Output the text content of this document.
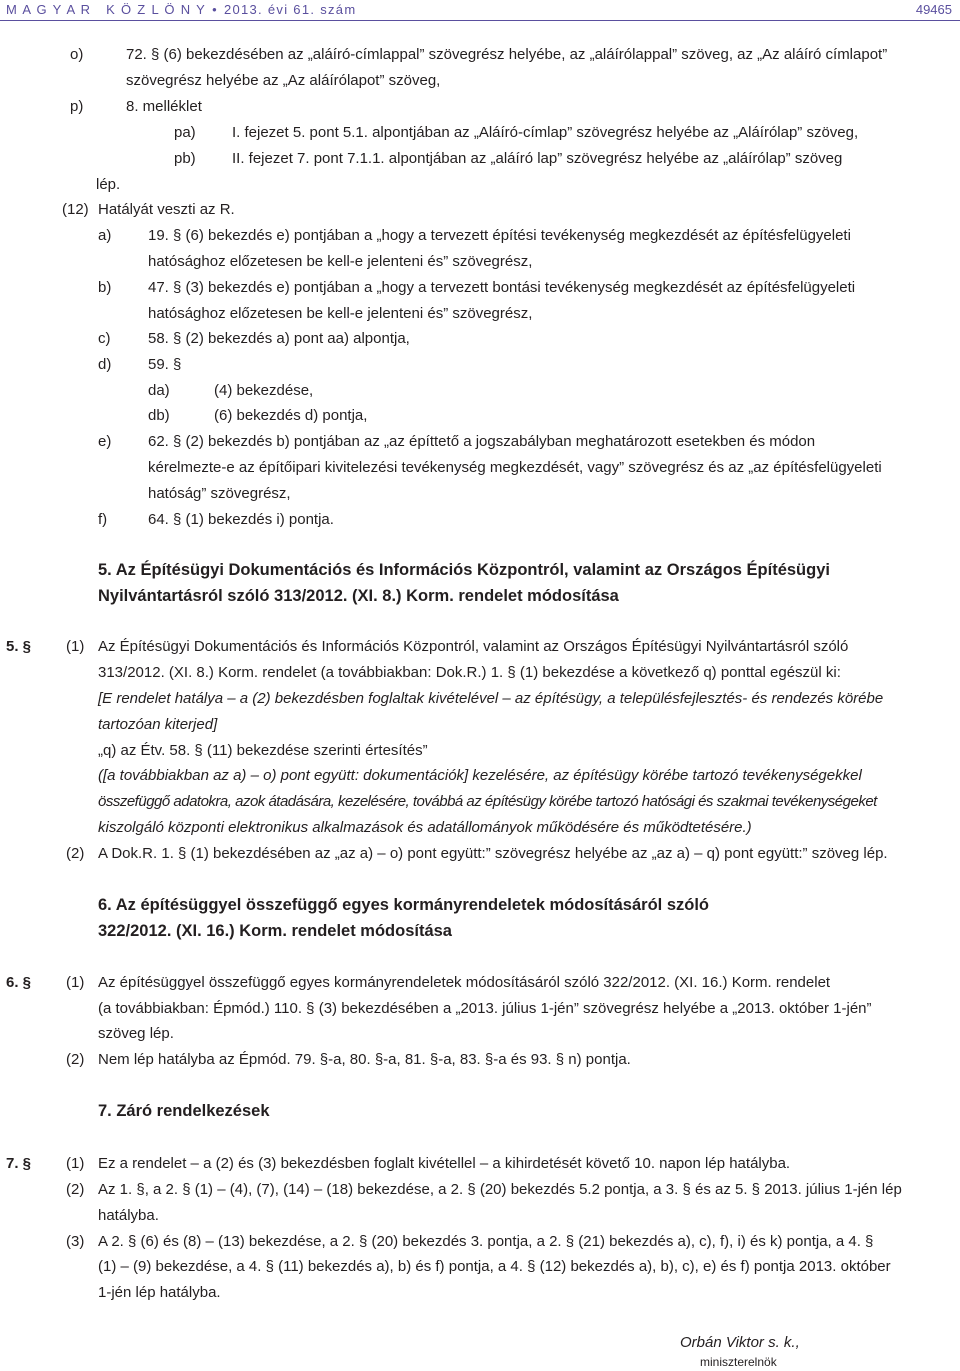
M A G Y A R   K Ö Z L Ö N Y • 2013. évi 61. szám	49465
o)	72. § (6) bekezdésében az „aláíró-címlappal” szövegrész helyébe, az „aláírólappal” szöveg, az „Az aláíró címlapot”
szövegrész helyébe az „Az aláírólapot” szöveg,
p)	8. melléklet
pa) I. fejezet 5. pont 5.1. alpontjában az „Aláíró-címlap” szövegrész helyébe az „Aláírólap” szöveg,
pb) II. fejezet 7. pont 7.1.1. alpontjában az „aláíró lap” szövegrész helyébe az „aláírólap” szöveg
lép.
(12) Hatályát veszti az R.
a) 19. § (6) bekezdés e) pontjában a „hogy a tervezett építési tevékenység megkezdését az építésfelügyeleti
hatósághoz előzetesen be kell-e jelenteni és” szövegrész,
b) 47. § (3) bekezdés e) pontjában a „hogy a tervezett bontási tevékenység megkezdését az építésfelügyeleti
hatósághoz előzetesen be kell-e jelenteni és” szövegrész,
c)	58. § (2) bekezdés a) pont aa) alpontja,
d) 59. §
da)	(4) bekezdése,
db)	(6) bekezdés d) pontja,
e) 62. § (2) bekezdés b) pontjában az „az építtető a jogszabályban meghatározott esetekben és módon
kérelmezte-e az építőipari kivitelezési tevékenység megkezdését, vagy” szövegrész és az „az építésfelügyeleti
hatóság” szövegrész,
f)	64. § (1) bekezdés i) pontja.
5. Az Építésügyi Dokumentációs és Információs Központról, valamint az Országos Építésügyi
Nyilvántartásról szóló 313/2012. (XI. 8.) Korm. rendelet módosítása
5. § (1) Az Építésügyi Dokumentációs és Információs Központról, valamint az Országos Építésügyi Nyilvántartásról szóló
313/2012. (XI. 8.) Korm. rendelet (a továbbiakban: Dok.R.) 1. § (1) bekezdése a következő q) ponttal egészül ki:
[E rendelet hatálya – a (2) bekezdésben foglaltak kivételével – az építésügy, a településfejlesztés- és rendezés körébe
tartozóan kiterjed]
„q) az Étv. 58. § (11) bekezdése szerinti értesítés”
([a továbbiakban az a) – o) pont együtt: dokumentációk] kezelésére, az építésügy körébe tartozó tevékenységekkel
összefüggő adatokra, azok átadására, kezelésére, továbbá az építésügy körébe tartozó hatósági és szakmai tevékenységeket
kiszolgáló központi elektronikus alkalmazások és adatállományok működésére és működtetésére.)
(2) A Dok.R. 1. § (1) bekezdésében az „az a) – o) pont együtt:” szövegrész helyébe az „az a) – q) pont együtt:” szöveg lép.
6. Az építésüggyel összefüggő egyes kormányrendeletek módosításáról szóló
322/2012. (XI. 16.) Korm. rendelet módosítása
6. § (1) Az építésüggyel összefüggő egyes kormányrendeletek módosításáról szóló 322/2012. (XI. 16.) Korm. rendelet
(a továbbiakban: Épmód.) 110. § (3) bekezdésében a „2013. július 1-jén” szövegrész helyébe a „2013. október 1-jén”
szöveg lép.
(2) Nem lép hatályba az Épmód. 79. §-a, 80. §-a, 81. §-a, 83. §-a és 93. § n) pontja.
7. Záró rendelkezések
7. § (1) Ez a rendelet – a (2) és (3) bekezdésben foglalt kivétellel – a kihirdetését követő 10. napon lép hatályba.
(2) Az 1. §, a 2. § (1) – (4), (7), (14) – (18) bekezdése, a 2. § (20) bekezdés 5.2 pontja, a 3. § és az 5. § 2013. július 1-jén lép
hatályba.
(3) A 2. § (6) és (8) – (13) bekezdése, a 2. § (20) bekezdés 3. pontja, a 2. § (21) bekezdés a), c), f), i) és k) pontja, a 4. §
(1) – (9) bekezdése, a 4. § (11) bekezdés a), b) és f) pontja, a 4. § (12) bekezdés a), b), c), e) és f) pontja 2013. október
1-jén lép hatályba.
Orbán Viktor s. k.,
miniszterelnök
